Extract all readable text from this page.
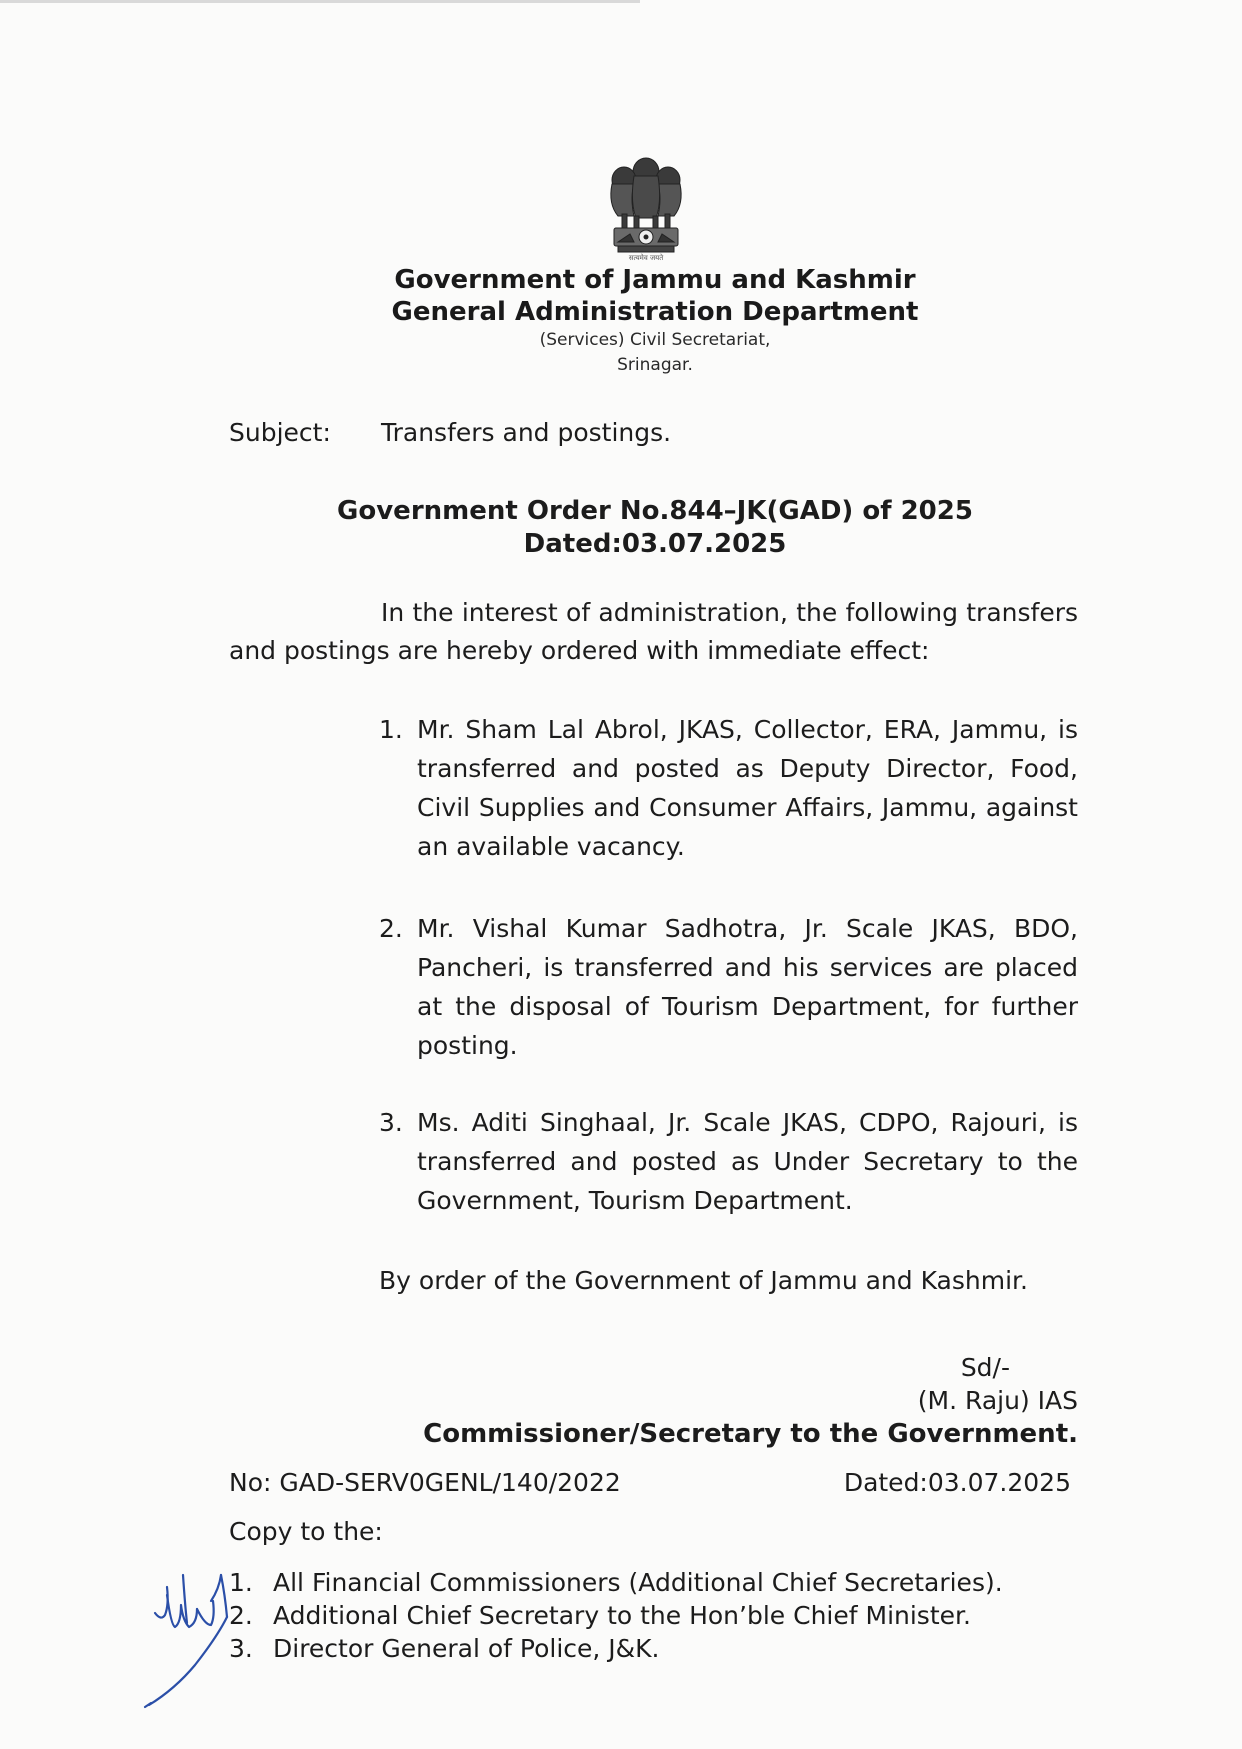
सत्यमेव जयते
Government of Jammu and Kashmir
General Administration Department
(Services) Civil Secretariat,
Srinagar.
Subject: Transfers and postings.
Government Order No.844–JK(GAD) of 2025
Dated:03.07.2025
In the interest of administration, the following transfers and postings are hereby ordered with immediate effect:
1. Mr. Sham Lal Abrol, JKAS, Collector, ERA, Jammu, is transferred and posted as Deputy Director, Food, Civil Supplies and Consumer Affairs, Jammu, against an available vacancy.
2. Mr. Vishal Kumar Sadhotra, Jr. Scale JKAS, BDO, Pancheri, is transferred and his services are placed at the disposal of Tourism Department, for further posting.
3. Ms. Aditi Singhaal, Jr. Scale JKAS, CDPO, Rajouri, is transferred and posted as Under Secretary to the Government, Tourism Department.
By order of the Government of Jammu and Kashmir.
Sd/-
(M. Raju) IAS
Commissioner/Secretary to the Government.
No: GAD-SERV0GENL/140/2022	Dated:03.07.2025
Copy to the:
1. All Financial Commissioners (Additional Chief Secretaries).
2. Additional Chief Secretary to the Hon’ble Chief Minister.
3. Director General of Police, J&K.
